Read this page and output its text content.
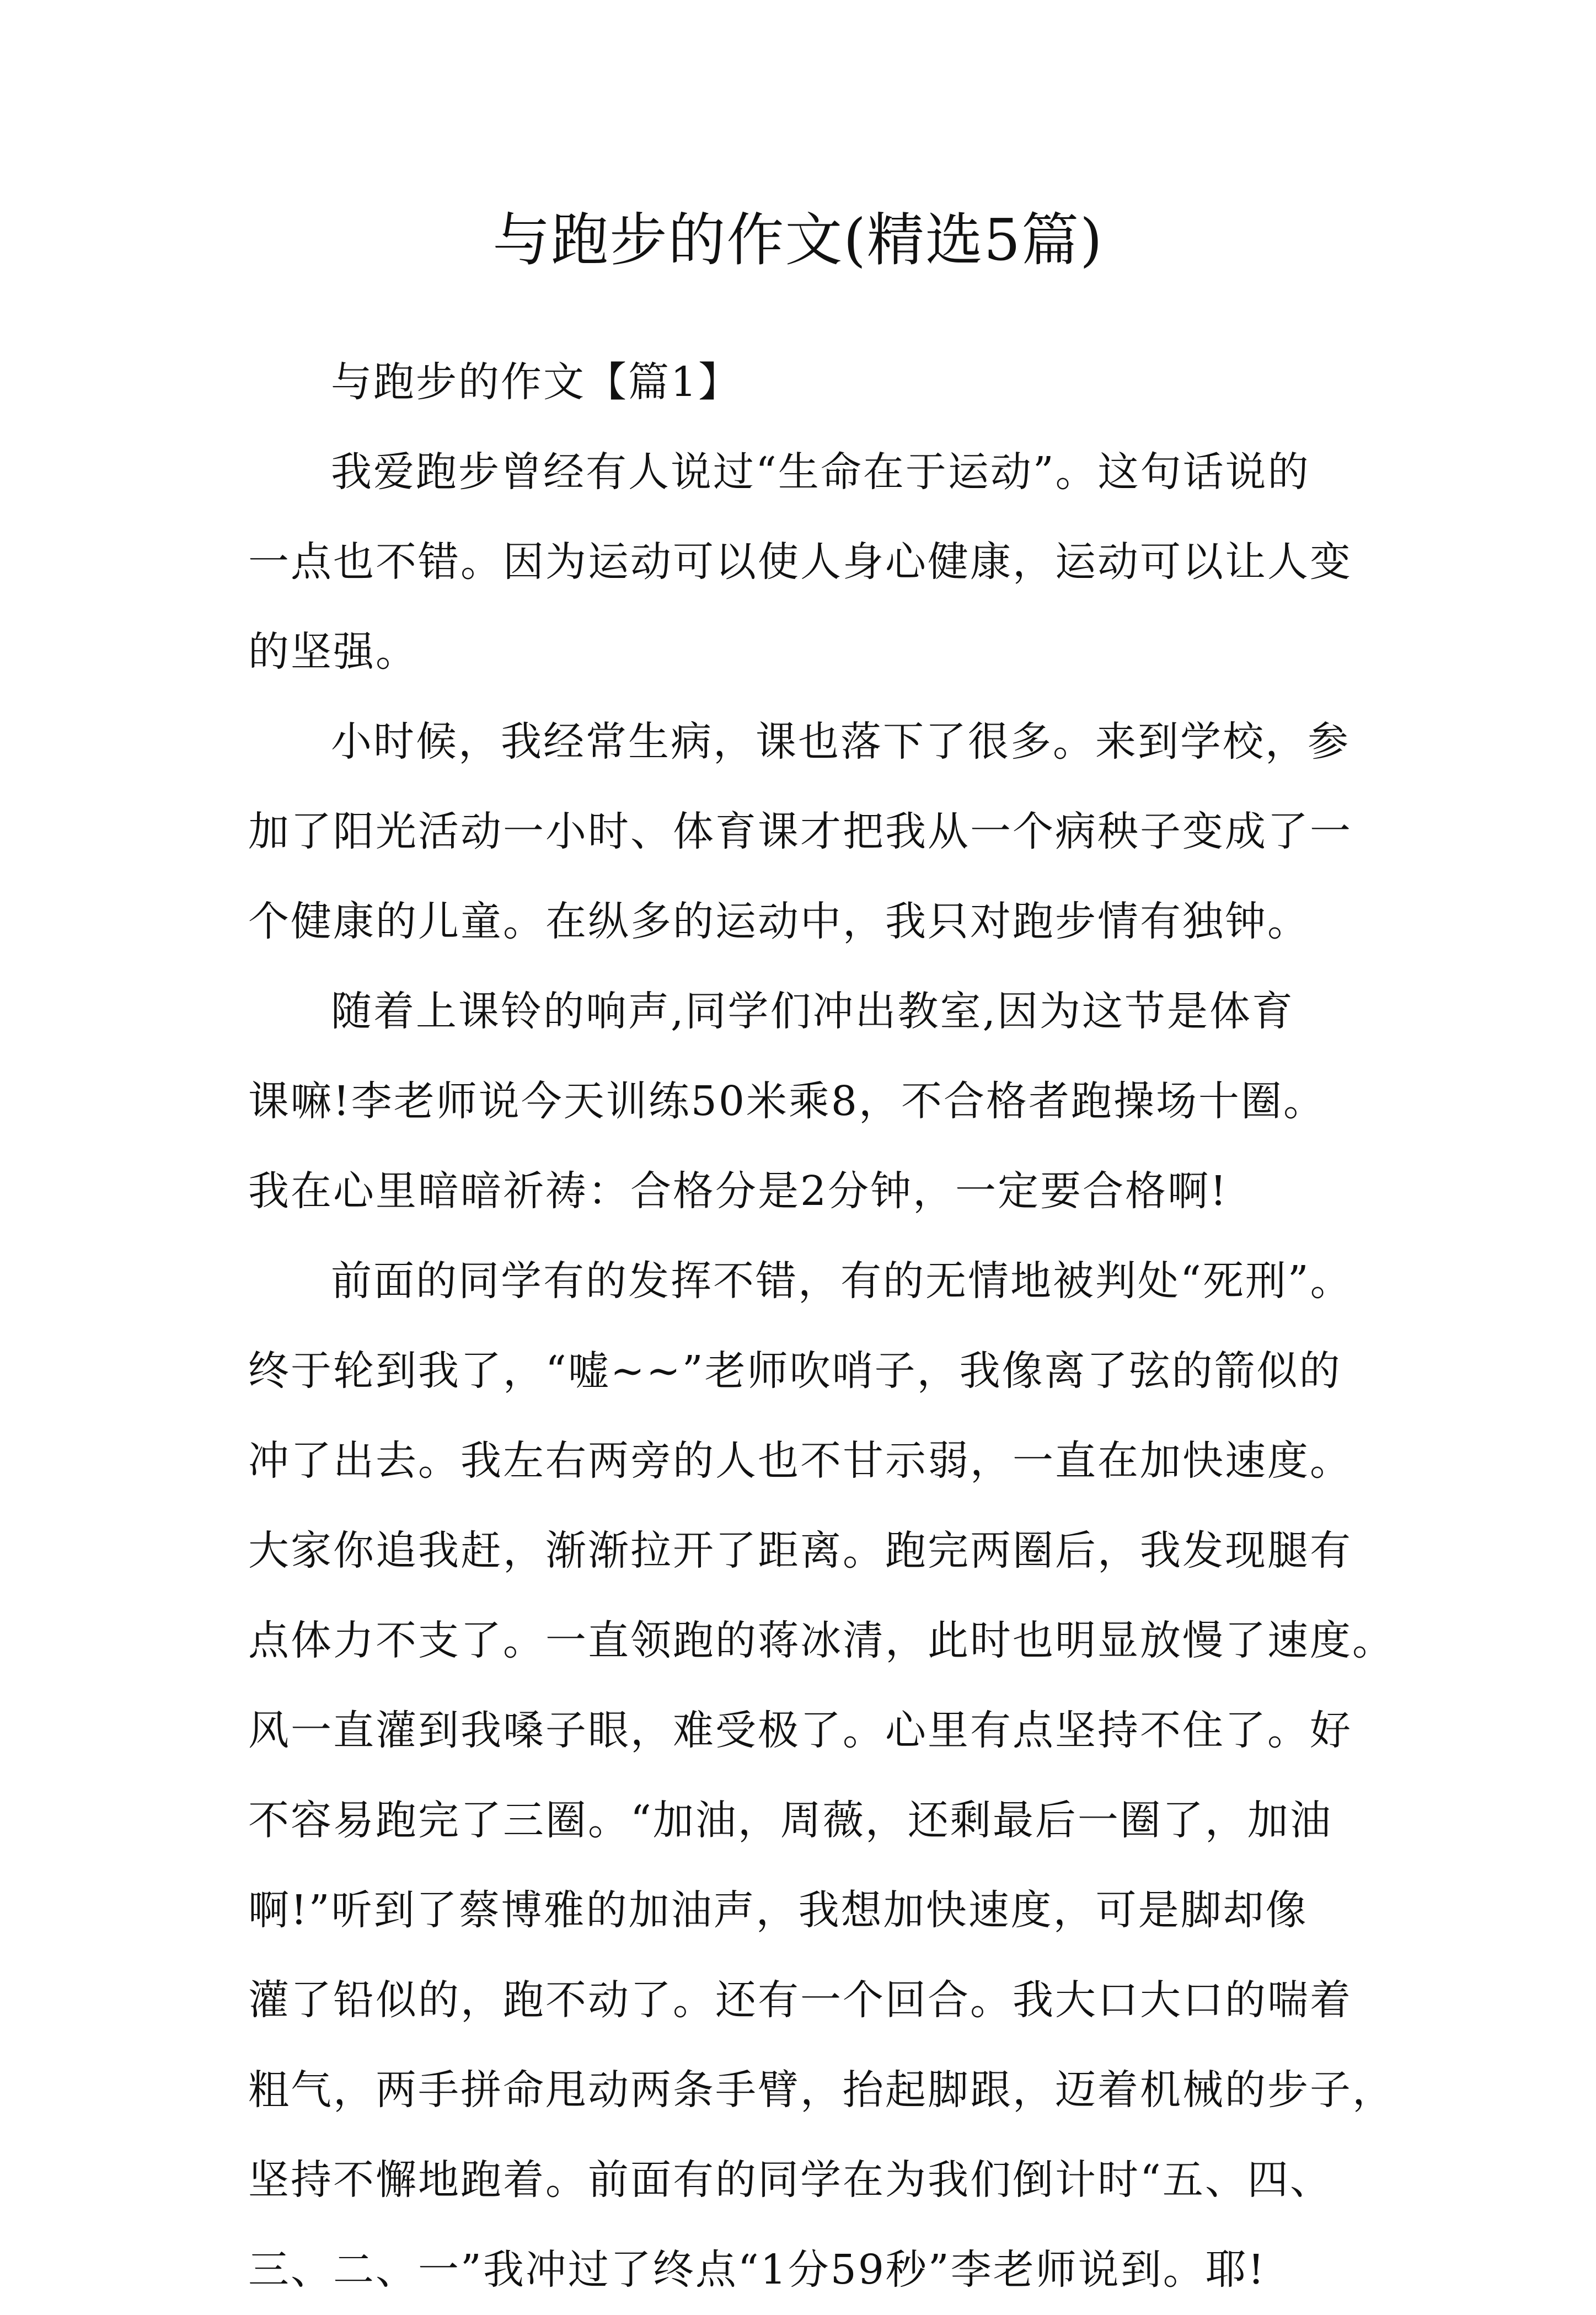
与跑步的作文(精选5篇)
与跑步的作文【篇1】
我爱跑步曾经有人说过“生命在于运动”。这句话说的
一点也不错。因为运动可以使人身心健康，运动可以让人变
的坚强。
小时候，我经常生病，课也落下了很多。来到学校，参
加了阳光活动一小时、体育课才把我从一个病秧子变成了一
个健康的儿童。在纵多的运动中，我只对跑步情有独钟。
随着上课铃的响声,同学们冲出教室,因为这节是体育
课嘛!李老师说今天训练50米乘8，不合格者跑操场十圈。
我在心里暗暗祈祷：合格分是2分钟，一定要合格啊!
前面的同学有的发挥不错，有的无情地被判处“死刑”。
终于轮到我了，“嘘~~”老师吹哨子，我像离了弦的箭似的
冲了出去。我左右两旁的人也不甘示弱，一直在加快速度。
大家你追我赶，渐渐拉开了距离。跑完两圈后，我发现腿有
点体力不支了。一直领跑的蒋冰清，此时也明显放慢了速度。
风一直灌到我嗓子眼，难受极了。心里有点坚持不住了。好
不容易跑完了三圈。“加油，周薇，还剩最后一圈了，加油
啊!”听到了蔡博雅的加油声，我想加快速度，可是脚却像
灌了铅似的，跑不动了。还有一个回合。我大口大口的喘着
粗气，两手拼命甩动两条手臂，抬起脚跟，迈着机械的步子，
坚持不懈地跑着。前面有的同学在为我们倒计时“五、四、
三、二、一”我冲过了终点“1分59秒”李老师说到。耶!
